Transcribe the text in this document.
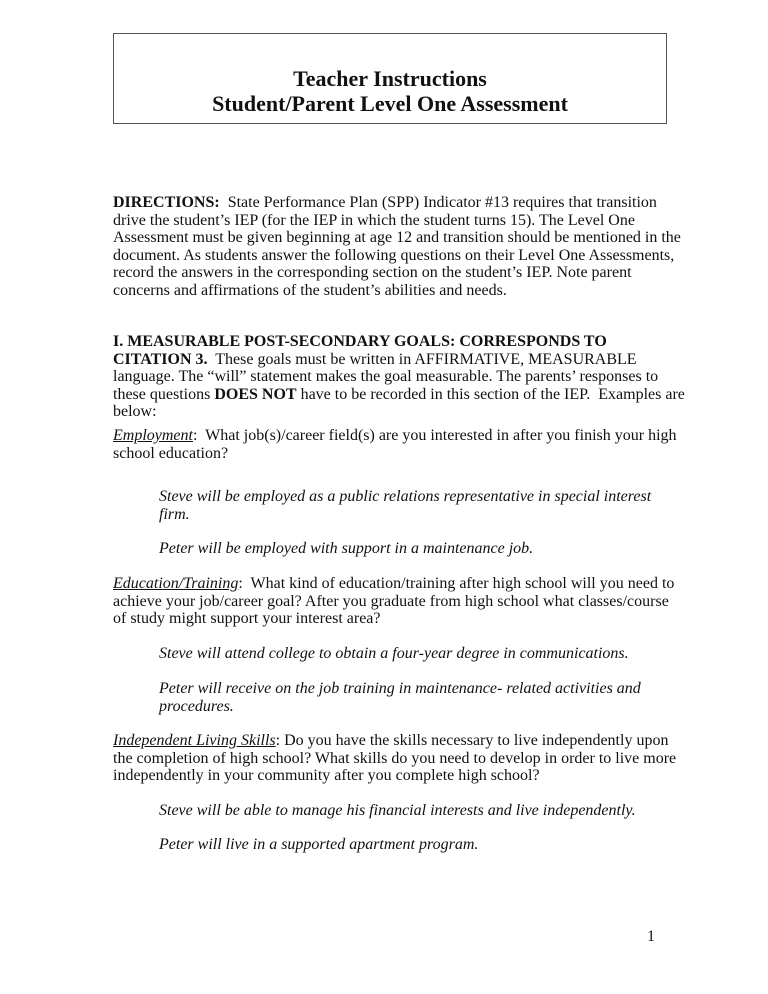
Teacher Instructions
Student/Parent Level One Assessment
DIRECTIONS:  State Performance Plan (SPP) Indicator #13 requires that transition
drive the student’s IEP (for the IEP in which the student turns 15). The Level One
Assessment must be given beginning at age 12 and transition should be mentioned in the
document. As students answer the following questions on their Level One Assessments,
record the answers in the corresponding section on the student’s IEP. Note parent
concerns and affirmations of the student’s abilities and needs.
I. MEASURABLE POST-SECONDARY GOALS: CORRESPONDS TO
CITATION 3.  These goals must be written in AFFIRMATIVE, MEASURABLE
language. The “will” statement makes the goal measurable. The parents’ responses to
these questions DOES NOT have to be recorded in this section of the IEP.  Examples are
below:
Employment:  What job(s)/career field(s) are you interested in after you finish your high
school education?
Steve will be employed as a public relations representative in special interest
firm.
Peter will be employed with support in a maintenance job.
Education/Training:  What kind of education/training after high school will you need to
achieve your job/career goal? After you graduate from high school what classes/course
of study might support your interest area?
Steve will attend college to obtain a four-year degree in communications.
Peter will receive on the job training in maintenance- related activities and
procedures.
Independent Living Skills: Do you have the skills necessary to live independently upon
the completion of high school? What skills do you need to develop in order to live more
independently in your community after you complete high school?
Steve will be able to manage his financial interests and live independently.
Peter will live in a supported apartment program.
1
